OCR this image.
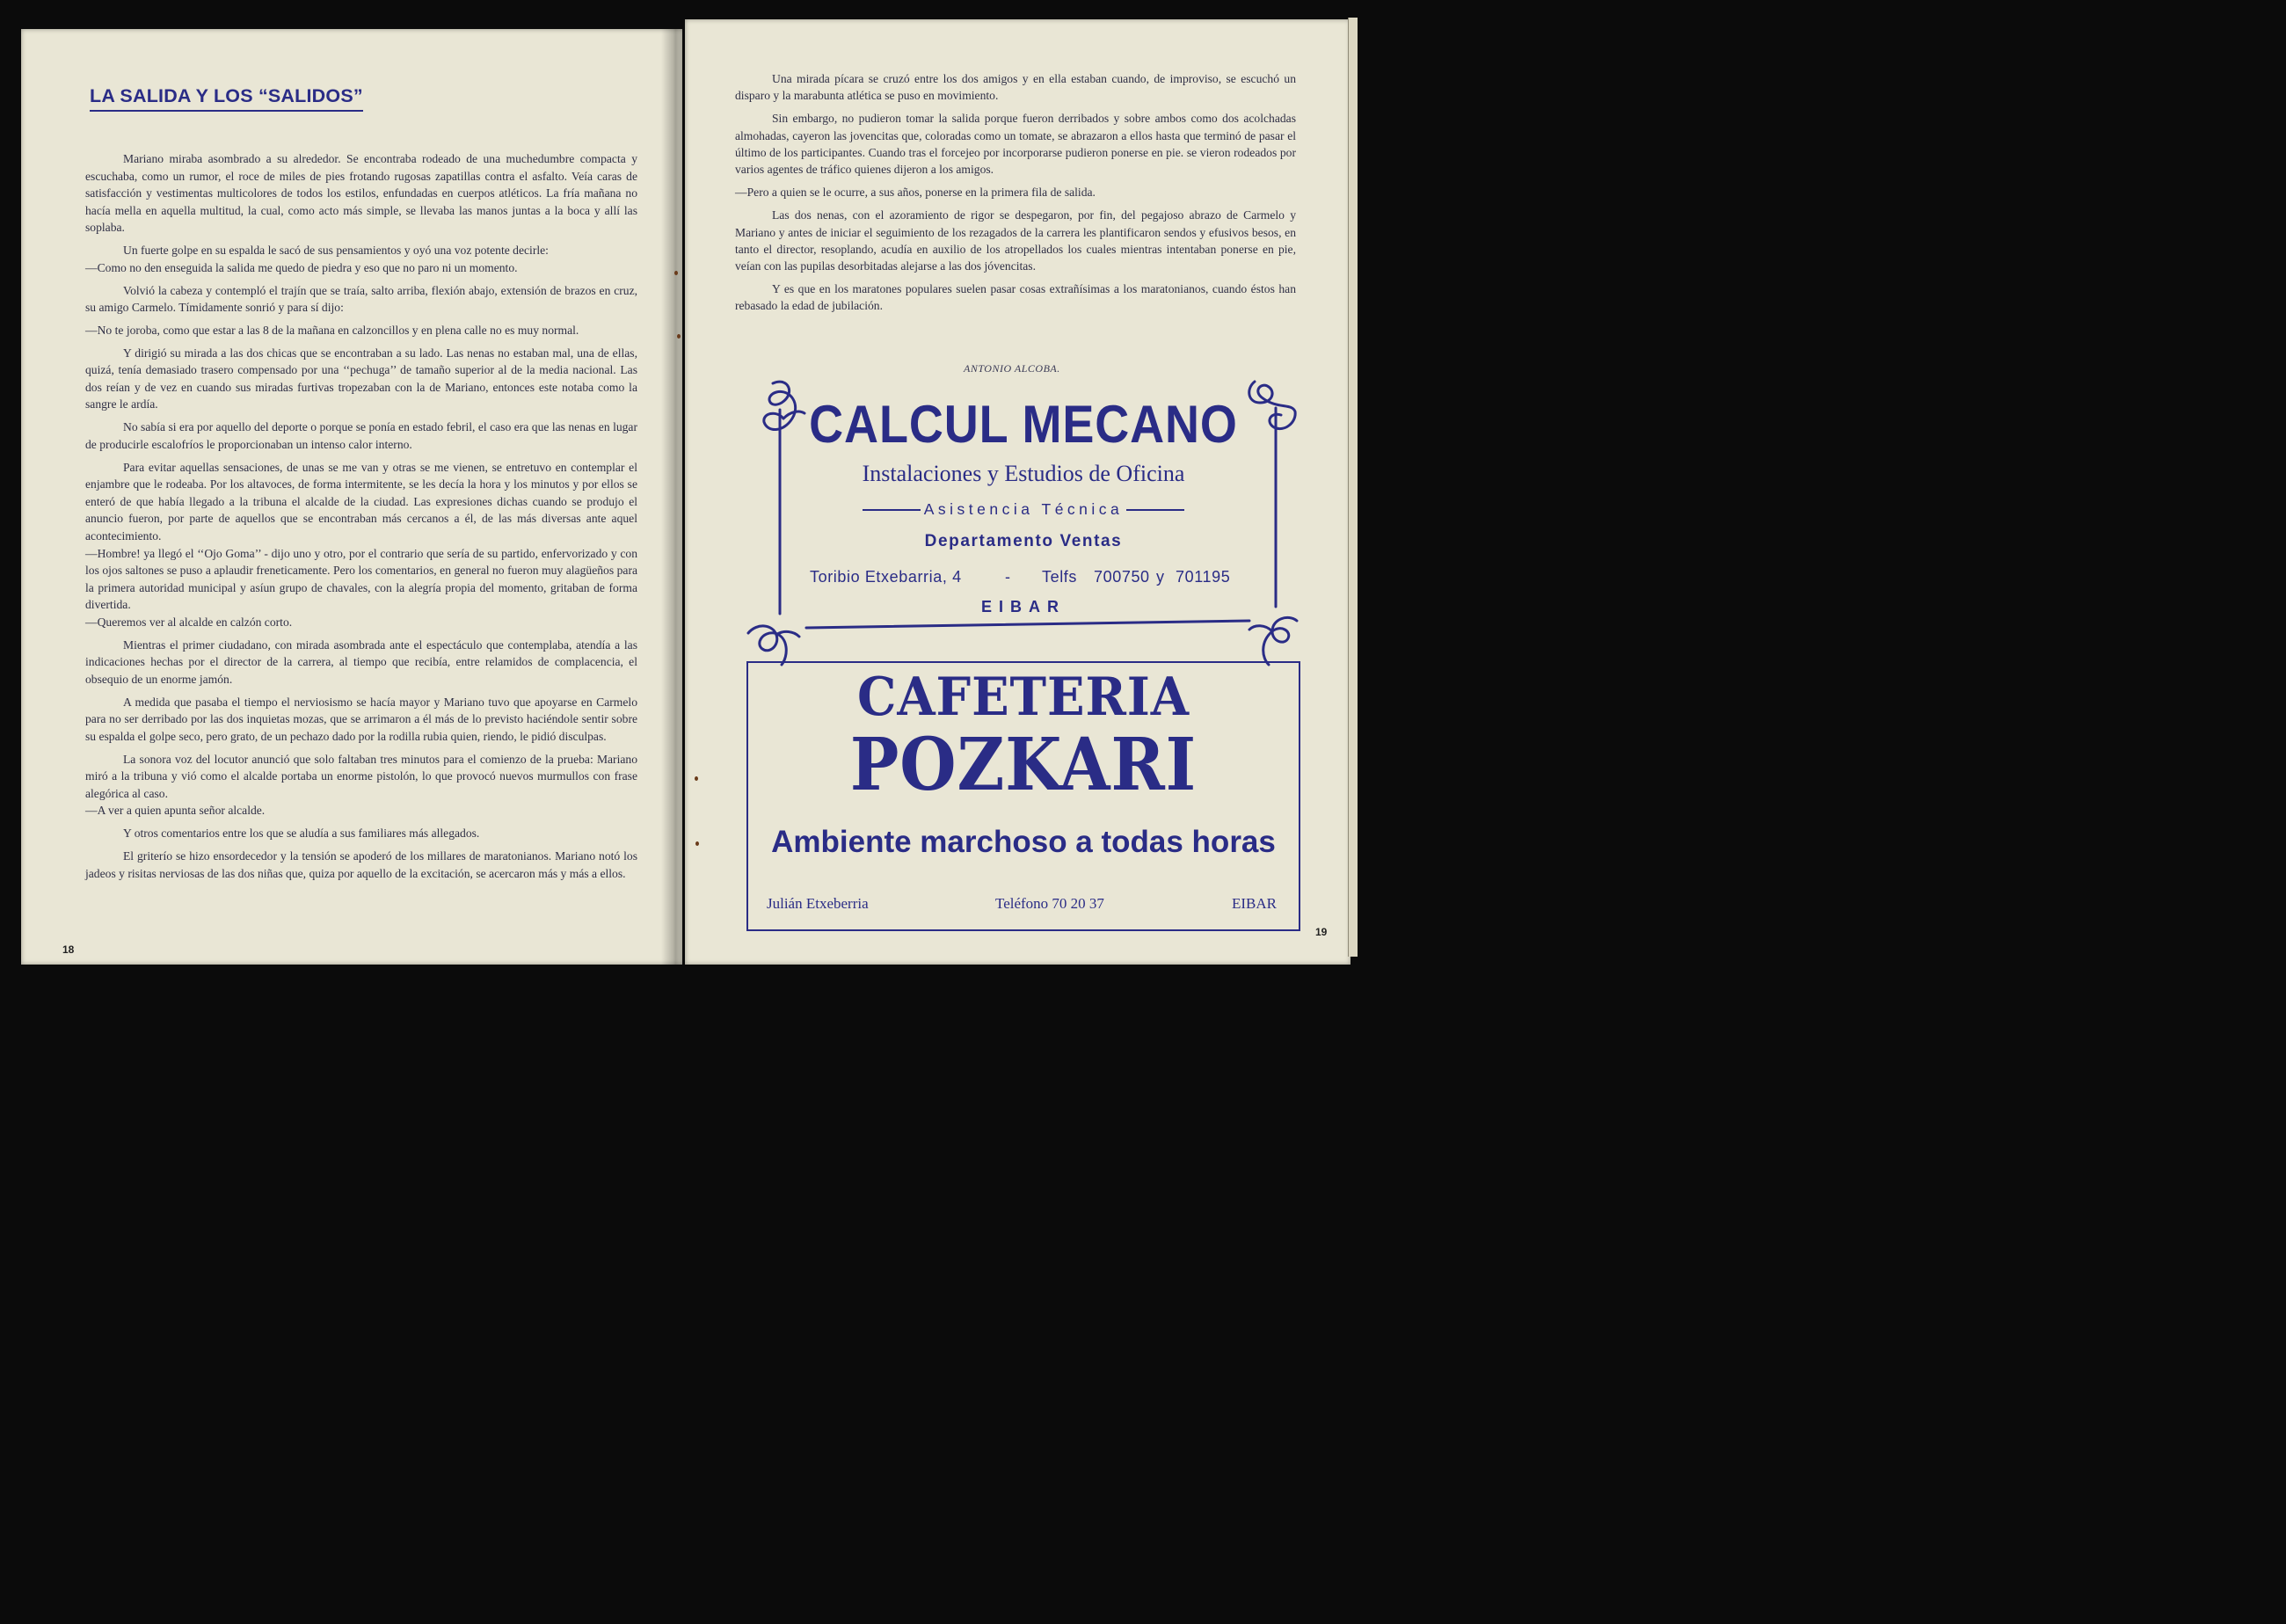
LA SALIDA Y LOS “SALIDOS”

Mariano miraba asombrado a su alrededor. Se encontraba rodeado de una muchedumbre compacta y escuchaba, como un rumor, el roce de miles de pies frotando rugosas zapatillas contra el asfalto. Veía caras de satisfacción y vestimentas multicolores de todos los estilos, enfundadas en cuerpos atléticos. La fría mañana no hacía mella en aquella multitud, la cual, como acto más simple, se llevaba las manos juntas a la boca y allí las soplaba.

Un fuerte golpe en su espalda le sacó de sus pensamientos y oyó una voz potente decirle:

—Como no den enseguida la salida me quedo de piedra y eso que no paro ni un momento.

Volvió la cabeza y contempló el trajín que se traía, salto arriba, flexión abajo, extensión de brazos en cruz, su amigo Carmelo. Tímidamente sonrió y para sí dijo:

—No te joroba, como que estar a las 8 de la mañana en calzoncillos y en plena calle no es muy normal.

Y dirigió su mirada a las dos chicas que se encontraban a su lado. Las nenas no estaban mal, una de ellas, quizá, tenía demasiado trasero compensado por una ‘‘pechuga’’ de tamaño superior al de la media nacional. Las dos reían y de vez en cuando sus miradas furtivas tropezaban con la de Mariano, entonces este notaba como la sangre le ardía.

No sabía si era por aquello del deporte o porque se ponía en estado febril, el caso era que las nenas en lugar de producirle escalofríos le proporcionaban un intenso calor interno.

Para evitar aquellas sensaciones, de unas se me van y otras se me vienen, se entretuvo en contemplar el enjambre que le rodeaba. Por los altavoces, de forma intermitente, se les decía la hora y los minutos y por ellos se enteró de que había llegado a la tribuna el alcalde de la ciudad. Las expresiones dichas cuando se produjo el anuncio fueron, por parte de aquellos que se encontraban más cercanos a él, de las más diversas ante aquel acontecimiento.

—Hombre! ya llegó el ‘‘Ojo Goma’’ - dijo uno y otro, por el contrario que sería de su partido, enfervorizado y con los ojos saltones se puso a aplaudir freneticamente. Pero los comentarios, en general no fueron muy alagüeños para la primera autoridad municipal y asíun grupo de chavales, con la alegría propia del momento, gritaban de forma divertida.

—Queremos ver al alcalde en calzón corto.

Mientras el primer ciudadano, con mirada asombrada ante el espectáculo que contemplaba, atendía a las indicaciones hechas por el director de la carrera, al tiempo que recibía, entre relamidos de complacencia, el obsequio de un enorme jamón.

A medida que pasaba el tiempo el nerviosismo se hacía mayor y Mariano tuvo que apoyarse en Carmelo para no ser derribado por las dos inquietas mozas, que se arrimaron a él más de lo previsto haciéndole sentir sobre su espalda el golpe seco, pero grato, de un pechazo dado por la rodilla rubia quien, riendo, le pidió disculpas.

La sonora voz del locutor anunció que solo faltaban tres minutos para el comienzo de la prueba: Mariano miró a la tribuna y vió como el alcalde portaba un enorme pistolón, lo que provocó nuevos murmullos con frase alegórica al caso.

—A ver a quien apunta señor alcalde.

Y otros comentarios entre los que se aludía a sus familiares más allegados.

El griterío se hizo ensordecedor y la tensión se apoderó de los millares de maratonianos. Mariano notó los jadeos y risitas nerviosas de las dos niñas que, quiza por aquello de la excitación, se acercaron más y más a ellos.

18

Una mirada pícara se cruzó entre los dos amigos y en ella estaban cuando, de improviso, se escuchó un disparo y la marabunta atlética se puso en movimiento.

Sin embargo, no pudieron tomar la salida porque fueron derribados y sobre ambos como dos acolchadas almohadas, cayeron las jovencitas que, coloradas como un tomate, se abrazaron a ellos hasta que terminó de pasar el último de los participantes. Cuando tras el forcejeo por incorporarse pudieron ponerse en pie. se vieron rodeados por varios agentes de tráfico quienes dijeron a los amigos.

—Pero a quien se le ocurre, a sus años, ponerse en la primera fila de salida.

Las dos nenas, con el azoramiento de rigor se despegaron, por fin, del pegajoso abrazo de Carmelo y Mariano y antes de iniciar el seguimiento de los rezagados de la carrera les plantificaron sendos y efusivos besos, en tanto el director, resoplando, acudía en auxilio de los atropellados los cuales mientras intentaban ponerse en pie, veían con las pupilas desorbitadas alejarse a las dos jóvencitas.

Y es que en los maratones populares suelen pasar cosas extrañísimas a los maratonianos, cuando éstos han rebasado la edad de jubilación.

ANTONIO ALCOBA.
CALCUL MECANO
Instalaciones y Estudios de Oficina
Asistencia Técnica
Departamento Ventas
Toribio Etxebarria, 4	- Telfs 700750 y 701195
EIBAR
CAFETERIA
POZKARI
Ambiente marchoso a todas horas
Julián Etxeberria	Teléfono 70 20 37	EIBAR
19
